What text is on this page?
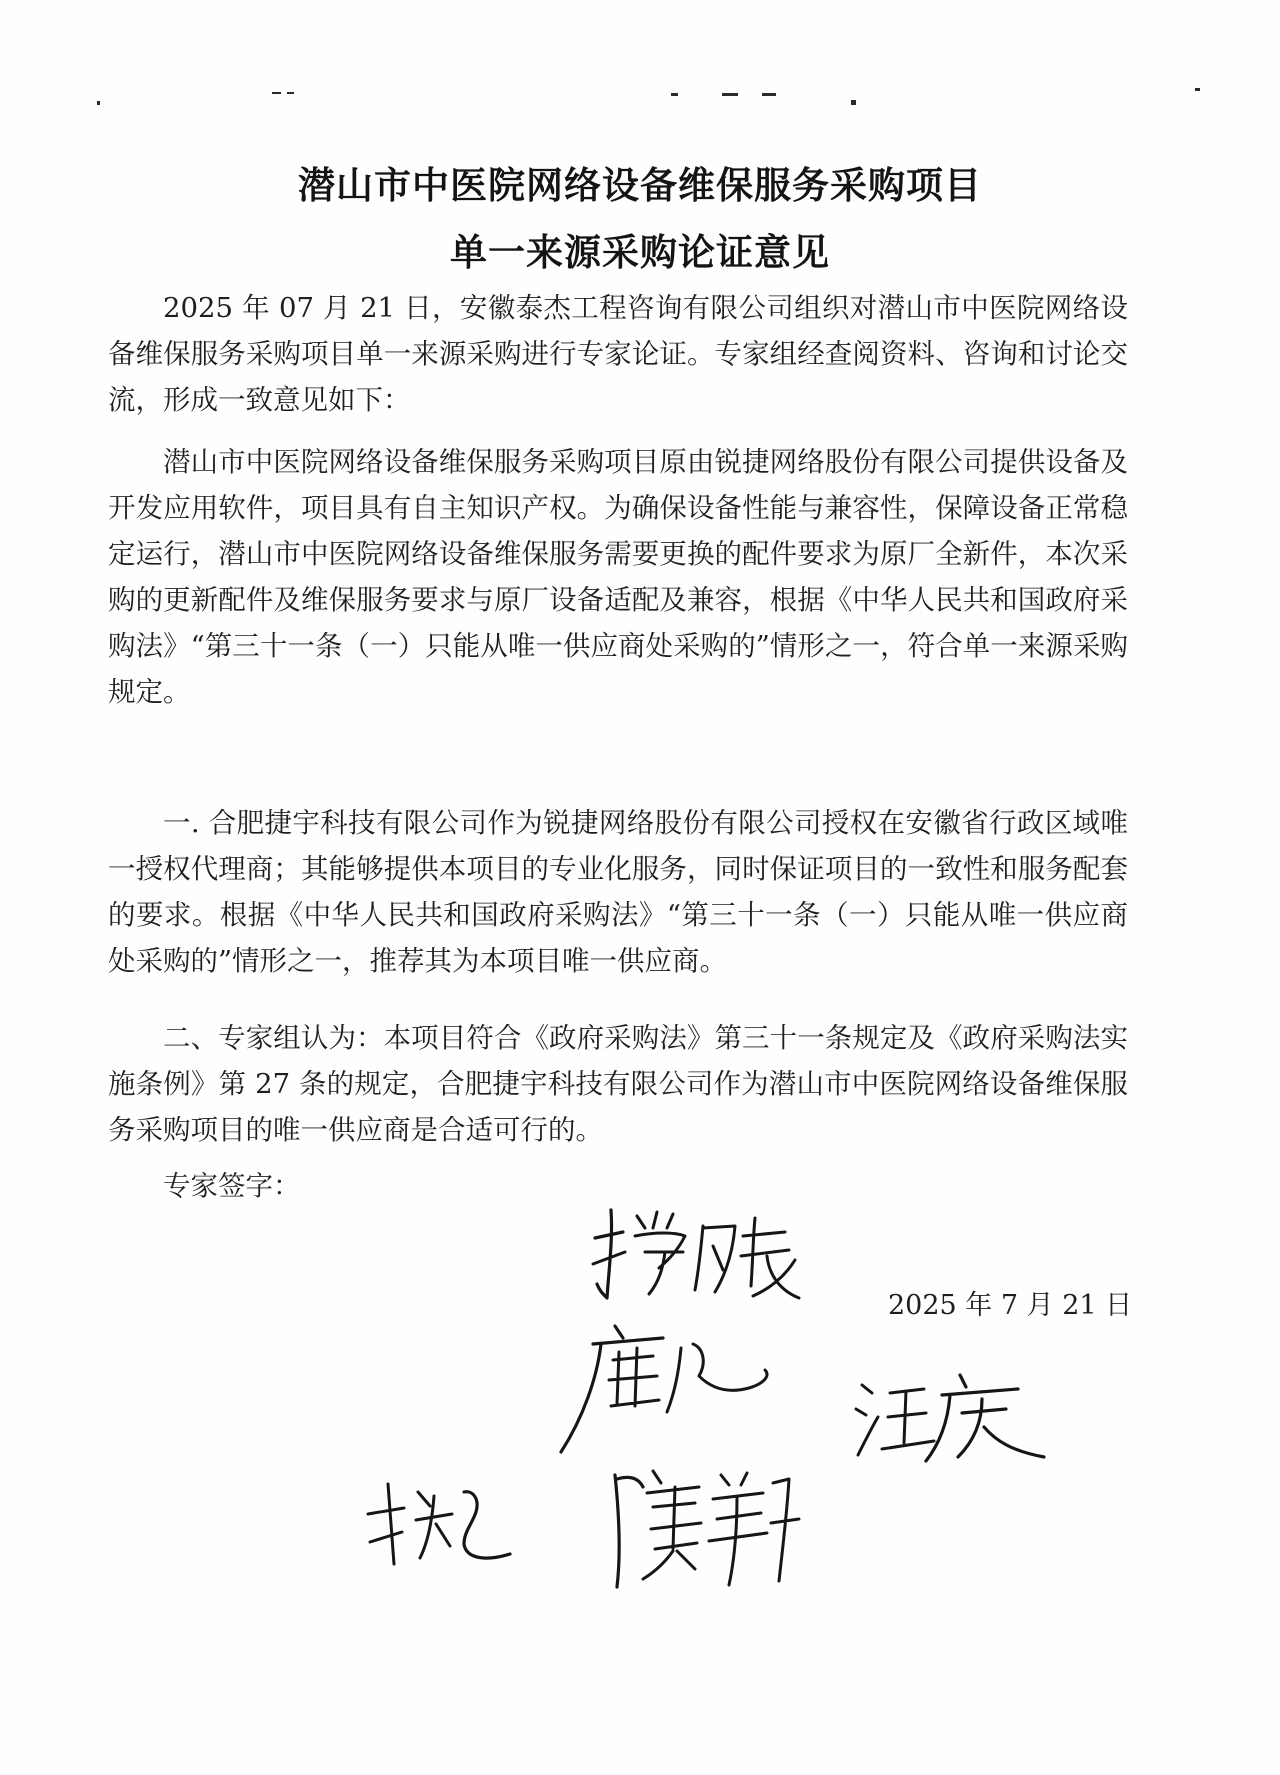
潜山市中医院网络设备维保服务采购项目
单一来源采购论证意见

2025 年 07 月 21 日，安徽泰杰工程咨询有限公司组织对潜山市中医院网络设备维保服务采购项目单一来源采购进行专家论证。专家组经查阅资料、咨询和讨论交流，形成一致意见如下：

潜山市中医院网络设备维保服务采购项目原由锐捷网络股份有限公司提供设备及开发应用软件，项目具有自主知识产权。为确保设备性能与兼容性，保障设备正常稳定运行，潜山市中医院网络设备维保服务需要更换的配件要求为原厂全新件，本次采购的更新配件及维保服务要求与原厂设备适配及兼容，根据《中华人民共和国政府采购法》“第三十一条（一）只能从唯一供应商处采购的”情形之一，符合单一来源采购规定。

一. 合肥捷宇科技有限公司作为锐捷网络股份有限公司授权在安徽省行政区域唯一授权代理商；其能够提供本项目的专业化服务，同时保证项目的一致性和服务配套的要求。根据《中华人民共和国政府采购法》“第三十一条（一）只能从唯一供应商处采购的”情形之一，推荐其为本项目唯一供应商。

二、专家组认为：本项目符合《政府采购法》第三十一条规定及《政府采购法实施条例》第 27 条的规定，合肥捷宇科技有限公司作为潜山市中医院网络设备维保服务采购项目的唯一供应商是合适可行的。

专家签字：
2025 年 7 月 21 日
